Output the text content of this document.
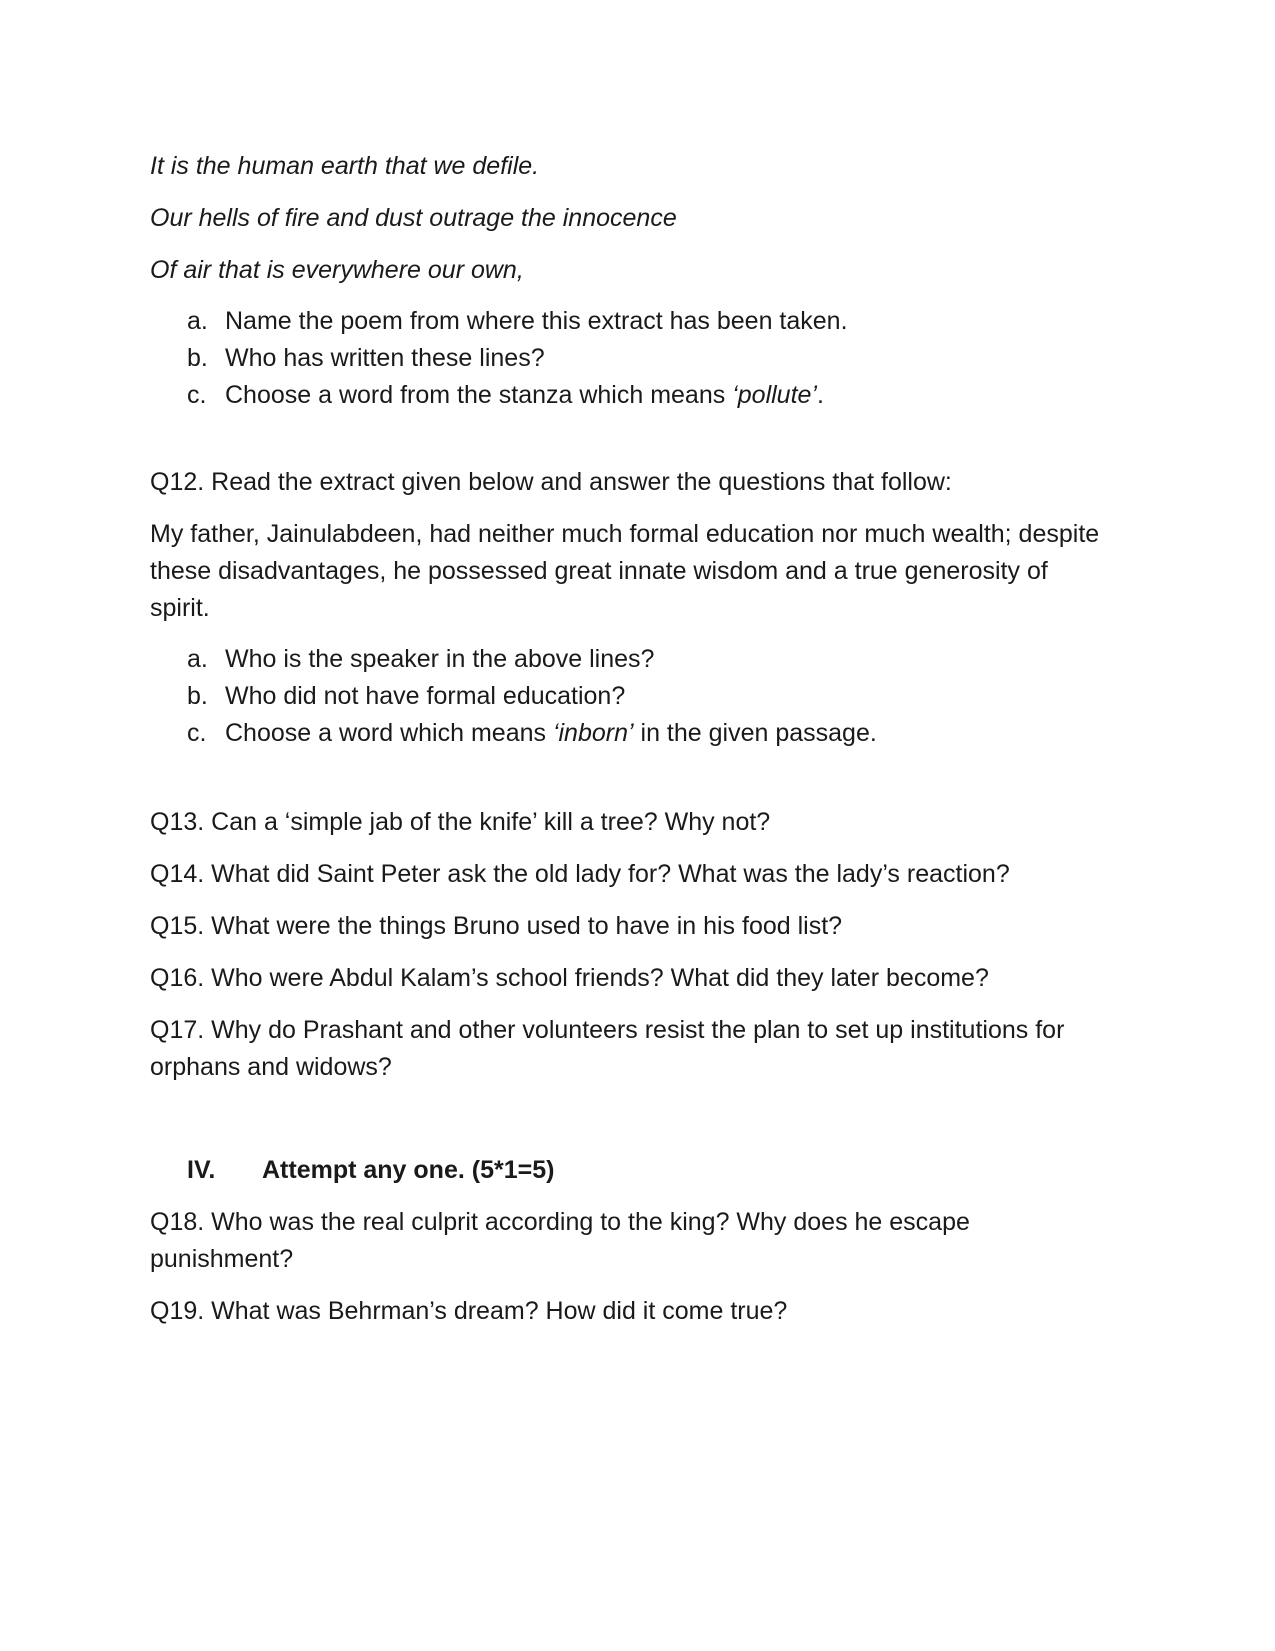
It is the human earth that we defile.

Our hells of fire and dust outrage the innocence

Of air that is everywhere our own,

a. Name the poem from where this extract has been taken.
b. Who has written these lines?
c. Choose a word from the stanza which means ‘pollute’.

Q12. Read the extract given below and answer the questions that follow:

My father, Jainulabdeen, had neither much formal education nor much wealth; despite these disadvantages, he possessed great innate wisdom and a true generosity of spirit.

a. Who is the speaker in the above lines?
b. Who did not have formal education?
c. Choose a word which means ‘inborn’ in the given passage.

Q13. Can a ‘simple jab of the knife’ kill a tree? Why not?

Q14. What did Saint Peter ask the old lady for? What was the lady’s reaction?

Q15. What were the things Bruno used to have in his food list?

Q16. Who were Abdul Kalam’s school friends? What did they later become?

Q17. Why do Prashant and other volunteers resist the plan to set up institutions for orphans and widows?

IV. Attempt any one. (5*1=5)

Q18. Who was the real culprit according to the king? Why does he escape punishment?

Q19. What was Behrman’s dream? How did it come true?
